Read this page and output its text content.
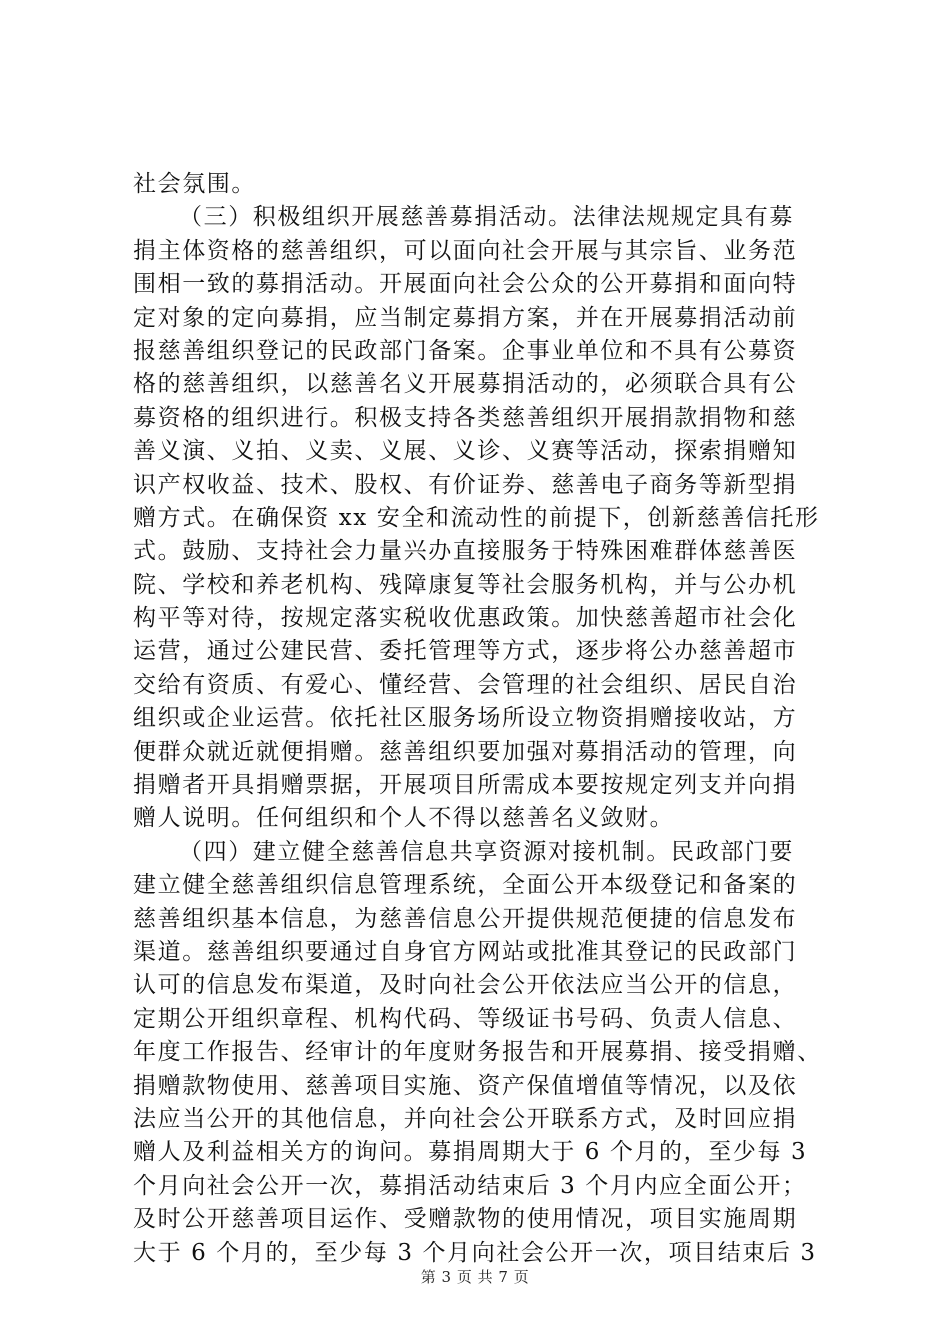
社会氛围。
（三）积极组织开展慈善募捐活动。法律法规规定具有募
捐主体资格的慈善组织，可以面向社会开展与其宗旨、业务范
围相一致的募捐活动。开展面向社会公众的公开募捐和面向特
定对象的定向募捐，应当制定募捐方案，并在开展募捐活动前
报慈善组织登记的民政部门备案。企事业单位和不具有公募资
格的慈善组织，以慈善名义开展募捐活动的，必须联合具有公
募资格的组织进行。积极支持各类慈善组织开展捐款捐物和慈
善义演、义拍、义卖、义展、义诊、义赛等活动，探索捐赠知
识产权收益、技术、股权、有价证券、慈善电子商务等新型捐
赠方式。在确保资 xx 安全和流动性的前提下，创新慈善信托形
式。鼓励、支持社会力量兴办直接服务于特殊困难群体慈善医
院、学校和养老机构、残障康复等社会服务机构，并与公办机
构平等对待，按规定落实税收优惠政策。加快慈善超市社会化
运营，通过公建民营、委托管理等方式，逐步将公办慈善超市
交给有资质、有爱心、懂经营、会管理的社会组织、居民自治
组织或企业运营。依托社区服务场所设立物资捐赠接收站，方
便群众就近就便捐赠。慈善组织要加强对募捐活动的管理，向
捐赠者开具捐赠票据，开展项目所需成本要按规定列支并向捐
赠人说明。任何组织和个人不得以慈善名义敛财。
（四）建立健全慈善信息共享资源对接机制。民政部门要
建立健全慈善组织信息管理系统，全面公开本级登记和备案的
慈善组织基本信息，为慈善信息公开提供规范便捷的信息发布
渠道。慈善组织要通过自身官方网站或批准其登记的民政部门
认可的信息发布渠道，及时向社会公开依法应当公开的信息，
定期公开组织章程、机构代码、等级证书号码、负责人信息、
年度工作报告、经审计的年度财务报告和开展募捐、接受捐赠、
捐赠款物使用、慈善项目实施、资产保值增值等情况，以及依
法应当公开的其他信息，并向社会公开联系方式，及时回应捐
赠人及利益相关方的询问。募捐周期大于 6 个月的，至少每 3
个月向社会公开一次，募捐活动结束后 3 个月内应全面公开；
及时公开慈善项目运作、受赠款物的使用情况，项目实施周期
大于 6 个月的，至少每 3 个月向社会公开一次，项目结束后 3
第 3 页 共 7 页
